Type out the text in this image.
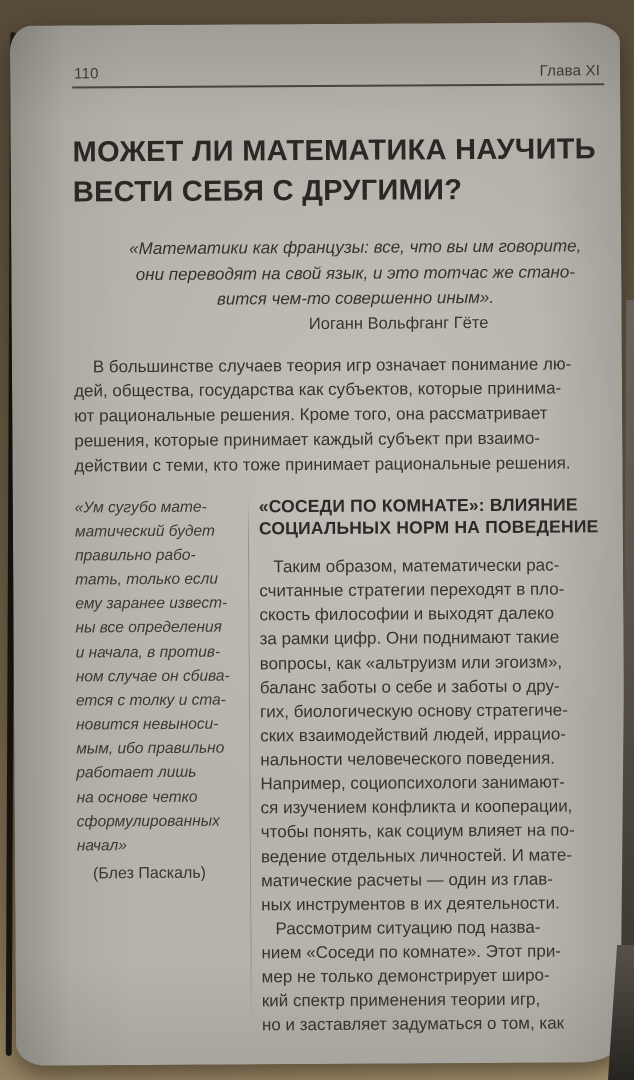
110	Глава XI
МОЖЕТ ЛИ МАТЕМАТИКА НАУЧИТЬ
ВЕСТИ СЕБЯ С ДРУГИМИ?
«Математики как французы: все, что вы им говорите,
они переводят на свой язык, и это тотчас же стано-
вится чем-то совершенно иным».
Иоганн Вольфганг Гёте
В большинстве случаев теория игр означает понимание лю-
дей, общества, государства как субъектов, которые принима-
ют рациональные решения. Кроме того, она рассматривает
решения, которые принимает каждый субъект при взаимо-
действии с теми, кто тоже принимает рациональные решения.
«Ум сугубо мате-
матический будет
правильно рабо-
тать, только если
ему заранее извест-
ны все определения
и начала, в против-
ном случае он сбива-
ется с толку и ста-
новится невыноси-
мым, ибо правильно
работает лишь
на основе четко
сформулированных
начал»
(Блез Паскаль)
«СОСЕДИ ПО КОМНАТЕ»: ВЛИЯНИЕ
СОЦИАЛЬНЫХ НОРМ НА ПОВЕДЕНИЕ
Таким образом, математически рас-
считанные стратегии переходят в пло-
скость философии и выходят далеко
за рамки цифр. Они поднимают такие
вопросы, как «альтруизм или эгоизм»,
баланс заботы о себе и заботы о дру-
гих, биологическую основу стратегиче-
ских взаимодействий людей, иррацио-
нальности человеческого поведения.
Например, социопсихологи занимают-
ся изучением конфликта и кооперации,
чтобы понять, как социум влияет на по-
ведение отдельных личностей. И мате-
матические расчеты — один из глав-
ных инструментов в их деятельности.
Рассмотрим ситуацию под назва-
нием «Соседи по комнате». Этот при-
мер не только демонстрирует широ-
кий спектр применения теории игр,
но и заставляет задуматься о том, как
